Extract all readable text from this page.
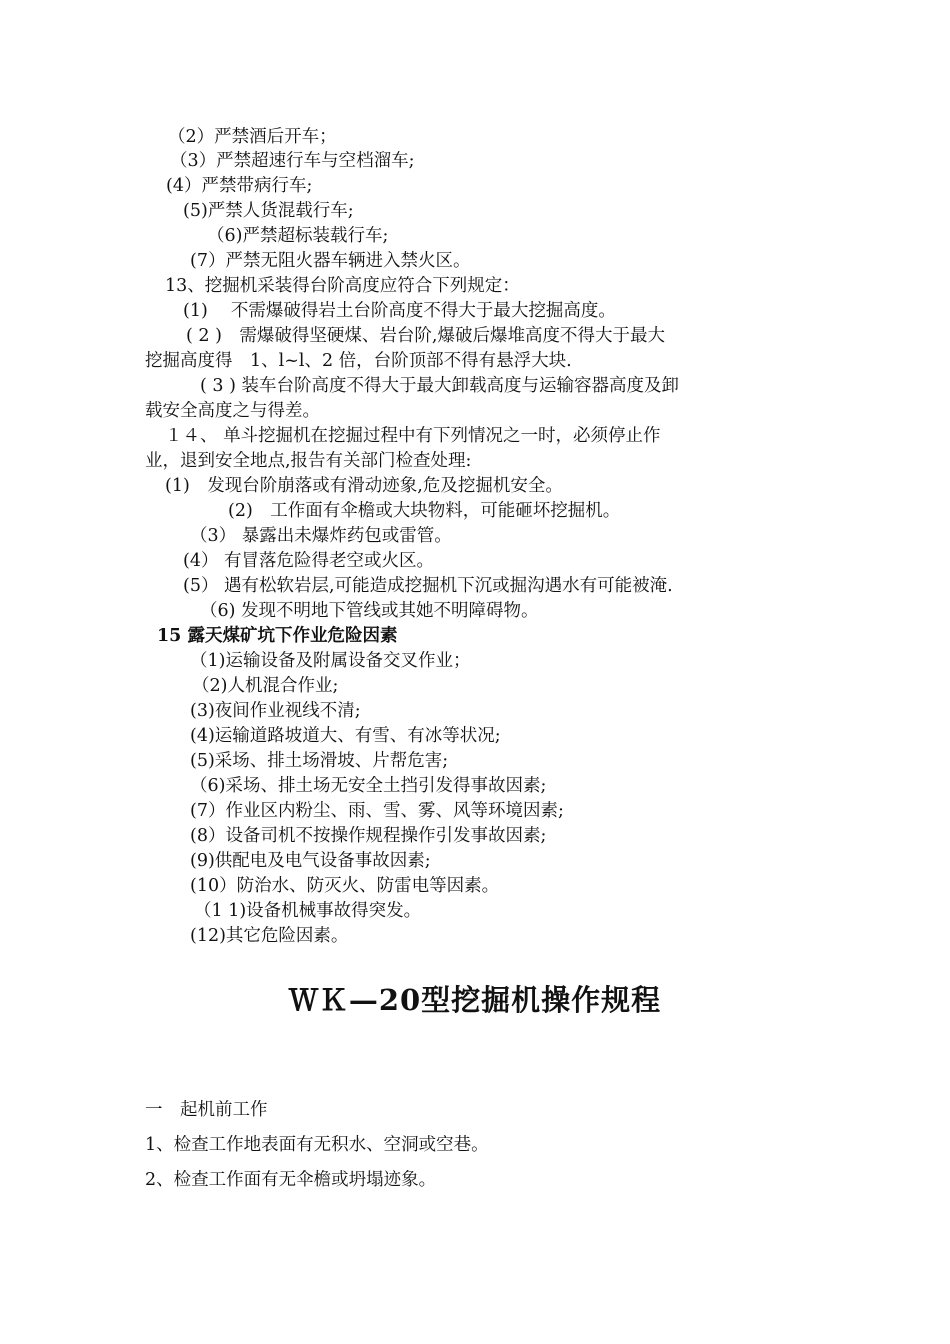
（2）严禁酒后开车；
（3）严禁超速行车与空档溜车;
(4）严禁带病行车;
(5)严禁人货混载行车;
（6)严禁超标装载行车;
(7）严禁无阻火器车辆进入禁火区。
13、挖掘机采装得台阶高度应符合下列规定：
(1)　 不需爆破得岩土台阶高度不得大于最大挖掘高度。
( 2 )　需爆破得坚硬煤、岩台阶,爆破后爆堆高度不得大于最大
挖掘高度得　1、l~l、2 倍，台阶顶部不得有悬浮大块.
( 3 ) 装车台阶高度不得大于最大卸载高度与运输容器高度及卸
载安全高度之与得差。
１４、 单斗挖掘机在挖掘过程中有下列情况之一时，必须停止作
业，退到安全地点,报告有关部门检查处理:
(1)　发现台阶崩落或有滑动迹象,危及挖掘机安全。
(2)　工作面有伞檐或大块物料，可能砸坏挖掘机。
（3） 暴露出未爆炸药包或雷管。
(4） 有冒落危险得老空或火区。
(5） 遇有松软岩层,可能造成挖掘机下沉或掘沟遇水有可能被淹.
（6) 发现不明地下管线或其她不明障碍物。
15 露天煤矿坑下作业危险因素
（1)运输设备及附属设备交叉作业；
（2)人机混合作业;
(3)夜间作业视线不清;
(4)运输道路坡道大、有雪、有冰等状况;
(5)采场、排土场滑坡、片帮危害;
（6)采场、排土场无安全土挡引发得事故因素;
(7）作业区内粉尘、雨、雪、雾、风等环境因素;
(8）设备司机不按操作规程操作引发事故因素;
(9)供配电及电气设备事故因素;
(10）防治水、防灭火、防雷电等因素。
（1 1)设备机械事故得突发。
(12)其它危险因素。
ＷＫ—20型挖掘机操作规程
一　起机前工作
1、检查工作地表面有无积水、空洞或空巷。
2、检查工作面有无伞檐或坍塌迹象。
